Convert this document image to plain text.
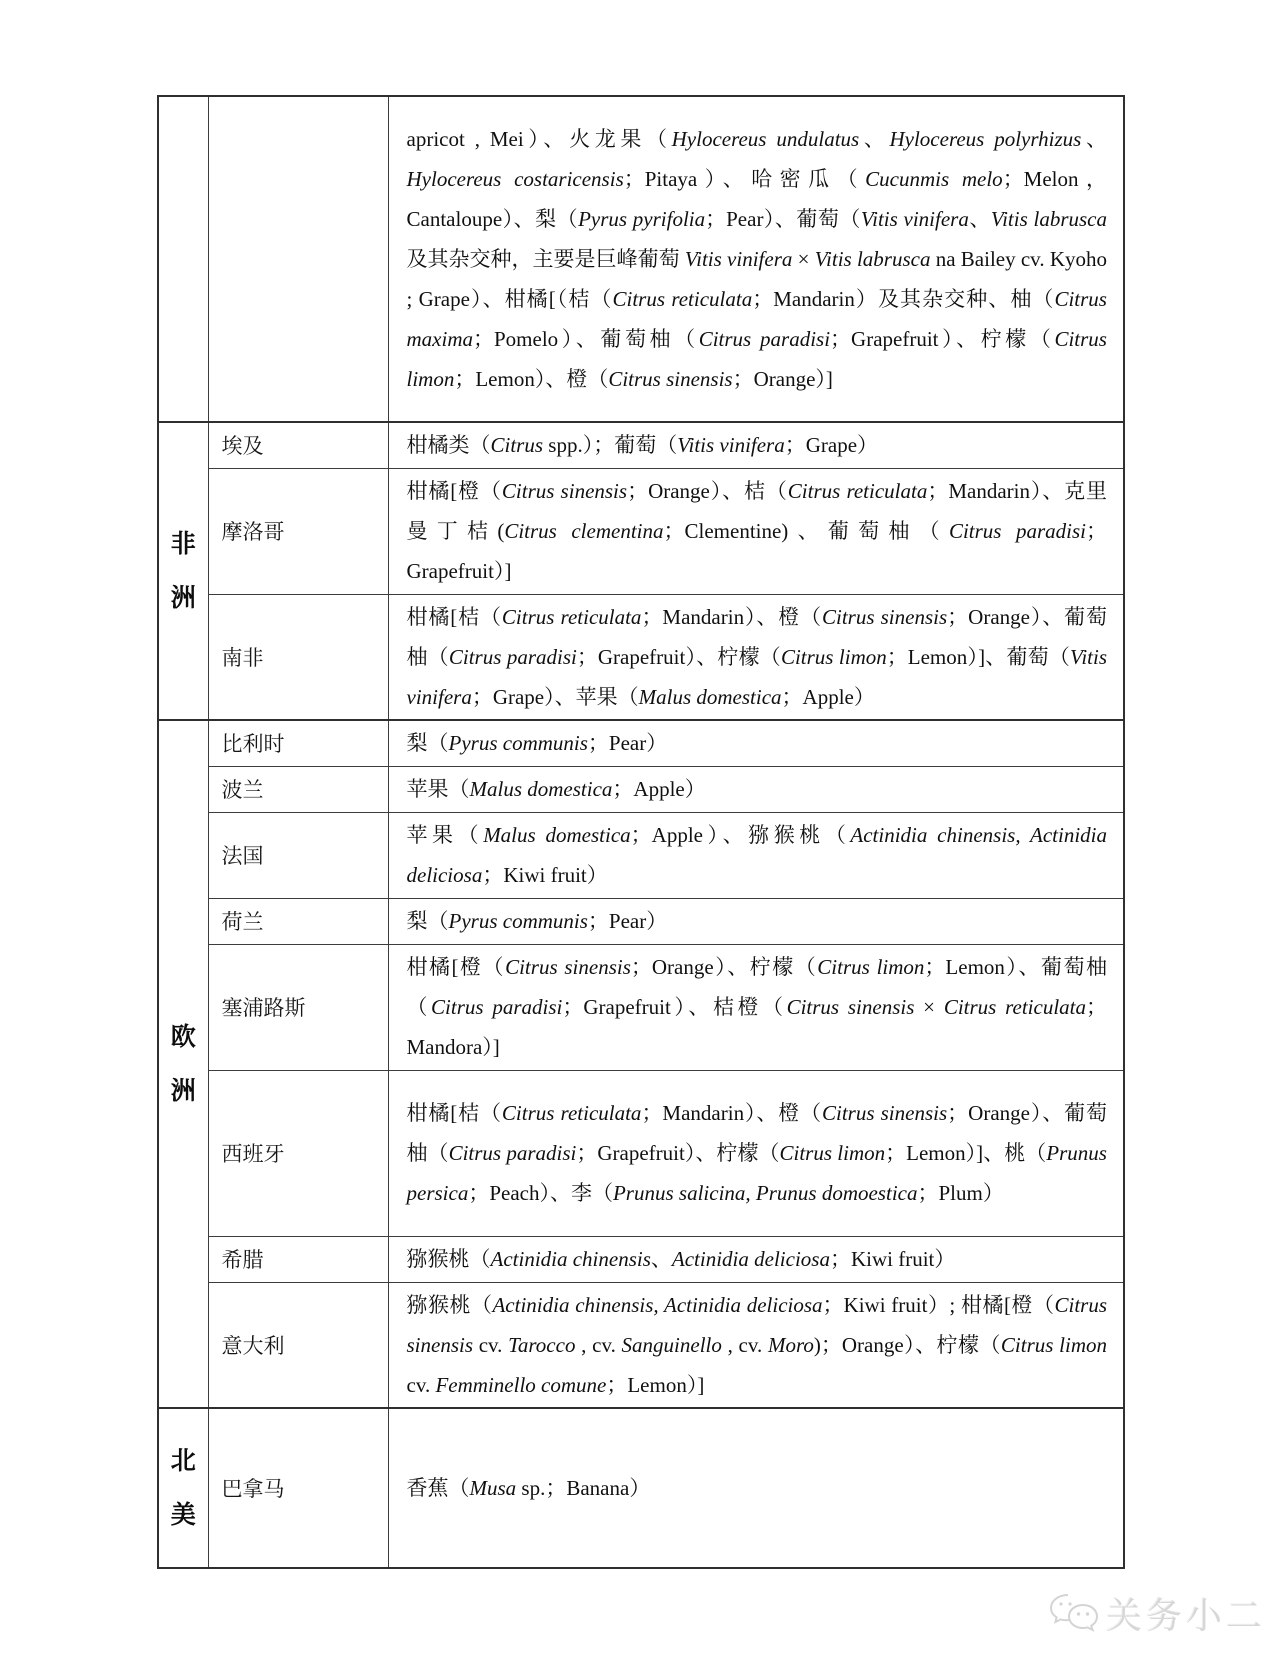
		apricot , Mei）、火龙果（Hylocereus undulatus、Hylocereus polyrhizus、Hylocereus costaricensis；Pitaya）、哈密瓜（Cucunmis melo；Melon，Cantaloupe）、梨（Pyrus pyrifolia；Pear）、葡萄（Vitis vinifera、Vitis labrusca 及其杂交种，主要是巨峰葡萄 Vitis vinifera × Vitis labrusca na Bailey cv. Kyoho ; Grape）、柑橘[（桔（Citrus reticulata；Mandarin）及其杂交种、柚（Citrus maxima；Pomelo）、葡萄柚（Citrus paradisi；Grapefruit）、柠檬（Citrus limon；Lemon）、橙（Citrus sinensis；Orange）]
非洲	埃及	柑橘类（Citrus spp.）；葡萄（Vitis vinifera；Grape）
	摩洛哥	柑橘[橙（Citrus sinensis；Orange）、桔（Citrus reticulata；Mandarin）、克里曼丁桔(Citrus clementina；Clementine)、葡萄柚（Citrus paradisi；Grapefruit）]
	南非	柑橘[桔（Citrus reticulata；Mandarin）、橙（Citrus sinensis；Orange）、葡萄柚（Citrus paradisi；Grapefruit）、柠檬（Citrus limon；Lemon）]、葡萄（Vitis vinifera；Grape）、苹果（Malus domestica；Apple）
欧洲	比利时	梨（Pyrus communis；Pear）
	波兰	苹果（Malus domestica；Apple）
	法国	苹果（Malus domestica；Apple）、猕猴桃（Actinidia chinensis, Actinidia deliciosa；Kiwi fruit）
	荷兰	梨（Pyrus communis；Pear）
	塞浦路斯	柑橘[橙（Citrus sinensis；Orange）、柠檬（Citrus limon；Lemon）、葡萄柚（Citrus paradisi；Grapefruit）、桔橙（Citrus sinensis × Citrus reticulata；Mandora）]
	西班牙	柑橘[桔（Citrus reticulata；Mandarin）、橙（Citrus sinensis；Orange）、葡萄柚（Citrus paradisi；Grapefruit）、柠檬（Citrus limon；Lemon）]、桃（Prunus persica；Peach）、李（Prunus salicina, Prunus domoestica；Plum）
	希腊	猕猴桃（Actinidia chinensis、Actinidia deliciosa；Kiwi fruit）
	意大利	猕猴桃（Actinidia chinensis, Actinidia deliciosa；Kiwi fruit）; 柑橘[橙（Citrus sinensis cv. Tarocco , cv. Sanguinello , cv. Moro)；Orange）、柠檬（Citrus limon cv. Femminello comune；Lemon）]
北美	巴拿马	香蕉（Musa sp.；Banana）
关务小二
